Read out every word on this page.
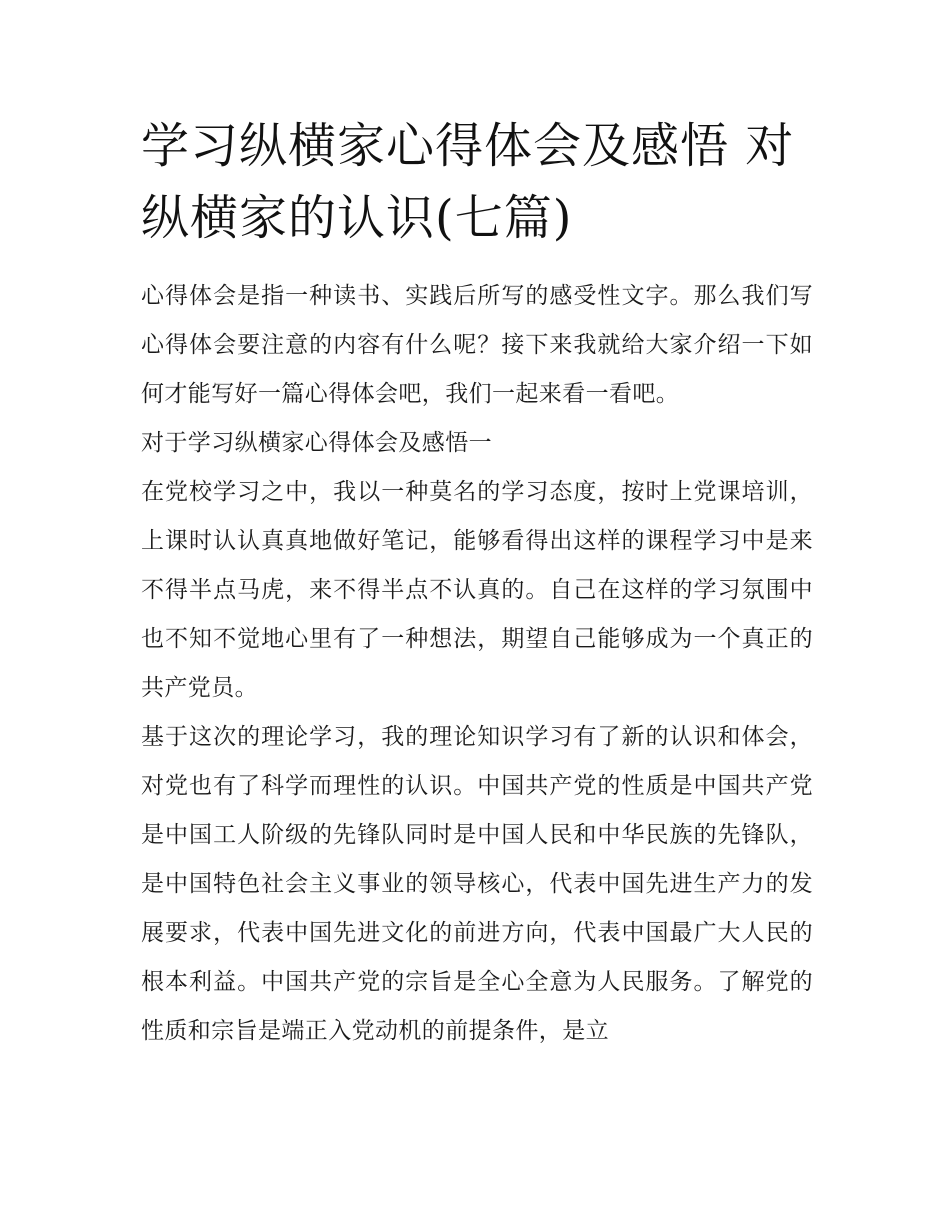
学习纵横家心得体会及感悟 对
纵横家的认识(七篇)

心得体会是指一种读书、实践后所写的感受性文字。那么我们写心得体会要注意的内容有什么呢？接下来我就给大家介绍一下如何才能写好一篇心得体会吧，我们一起来看一看吧。

对于学习纵横家心得体会及感悟一

在党校学习之中，我以一种莫名的学习态度，按时上党课培训，上课时认认真真地做好笔记，能够看得出这样的课程学习中是来不得半点马虎，来不得半点不认真的。自己在这样的学习氛围中也不知不觉地心里有了一种想法，期望自己能够成为一个真正的共产党员。

基于这次的理论学习，我的理论知识学习有了新的认识和体会，对党也有了科学而理性的认识。中国共产党的性质是中国共产党是中国工人阶级的先锋队同时是中国人民和中华民族的先锋队，是中国特色社会主义事业的领导核心，代表中国先进生产力的发展要求，代表中国先进文化的前进方向，代表中国最广大人民的根本利益。中国共产党的宗旨是全心全意为人民服务。了解党的性质和宗旨是端正入党动机的前提条件，是立
